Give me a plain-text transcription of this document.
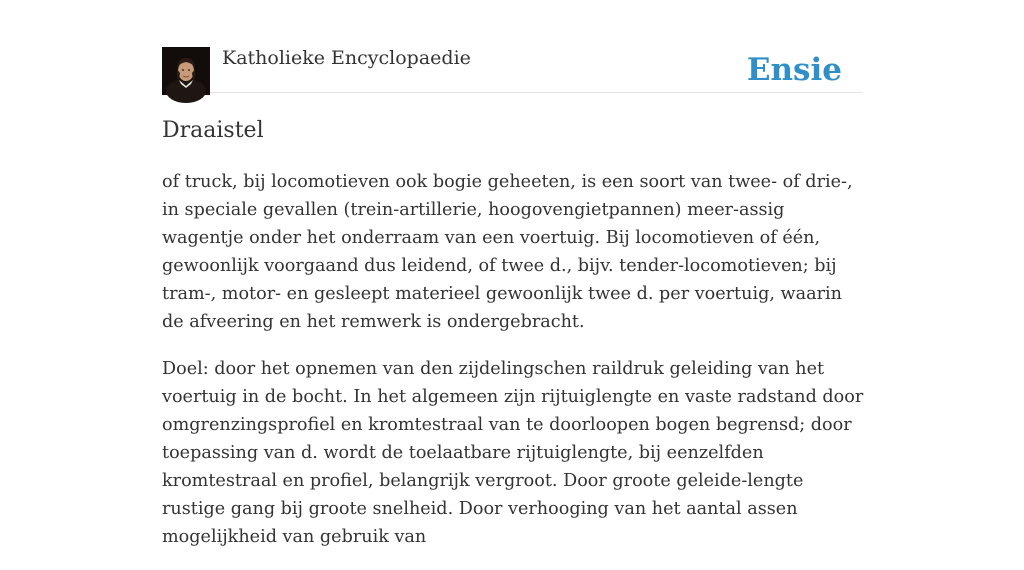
Katholieke Encyclopaedie	Ensie
Draaistel

of truck, bij locomotieven ook bogie geheeten, is een soort van twee- of drie-, in speciale gevallen (trein-artillerie, hoogovengietpannen) meer-assig wagentje onder het onderraam van een voertuig. Bij locomotieven of één, gewoonlijk voorgaand dus leidend, of twee d., bijv. tender-locomotieven; bij tram-, motor- en gesleept materieel gewoonlijk twee d. per voertuig, waarin de afveering en het remwerk is ondergebracht.

Doel: door het opnemen van den zijdelingschen raildruk geleiding van het voertuig in de bocht. In het algemeen zijn rijtuiglengte en vaste radstand door omgrenzingsprofiel en kromtestraal van te doorloopen bogen begrensd; door toepassing van d. wordt de toelaatbare rijtuiglengte, bij eenzelfden kromtestraal en profiel, belangrijk vergroot. Door groote geleide-lengte rustige gang bij groote snelheid. Door verhooging van het aantal assen mogelijkheid van gebruik van
